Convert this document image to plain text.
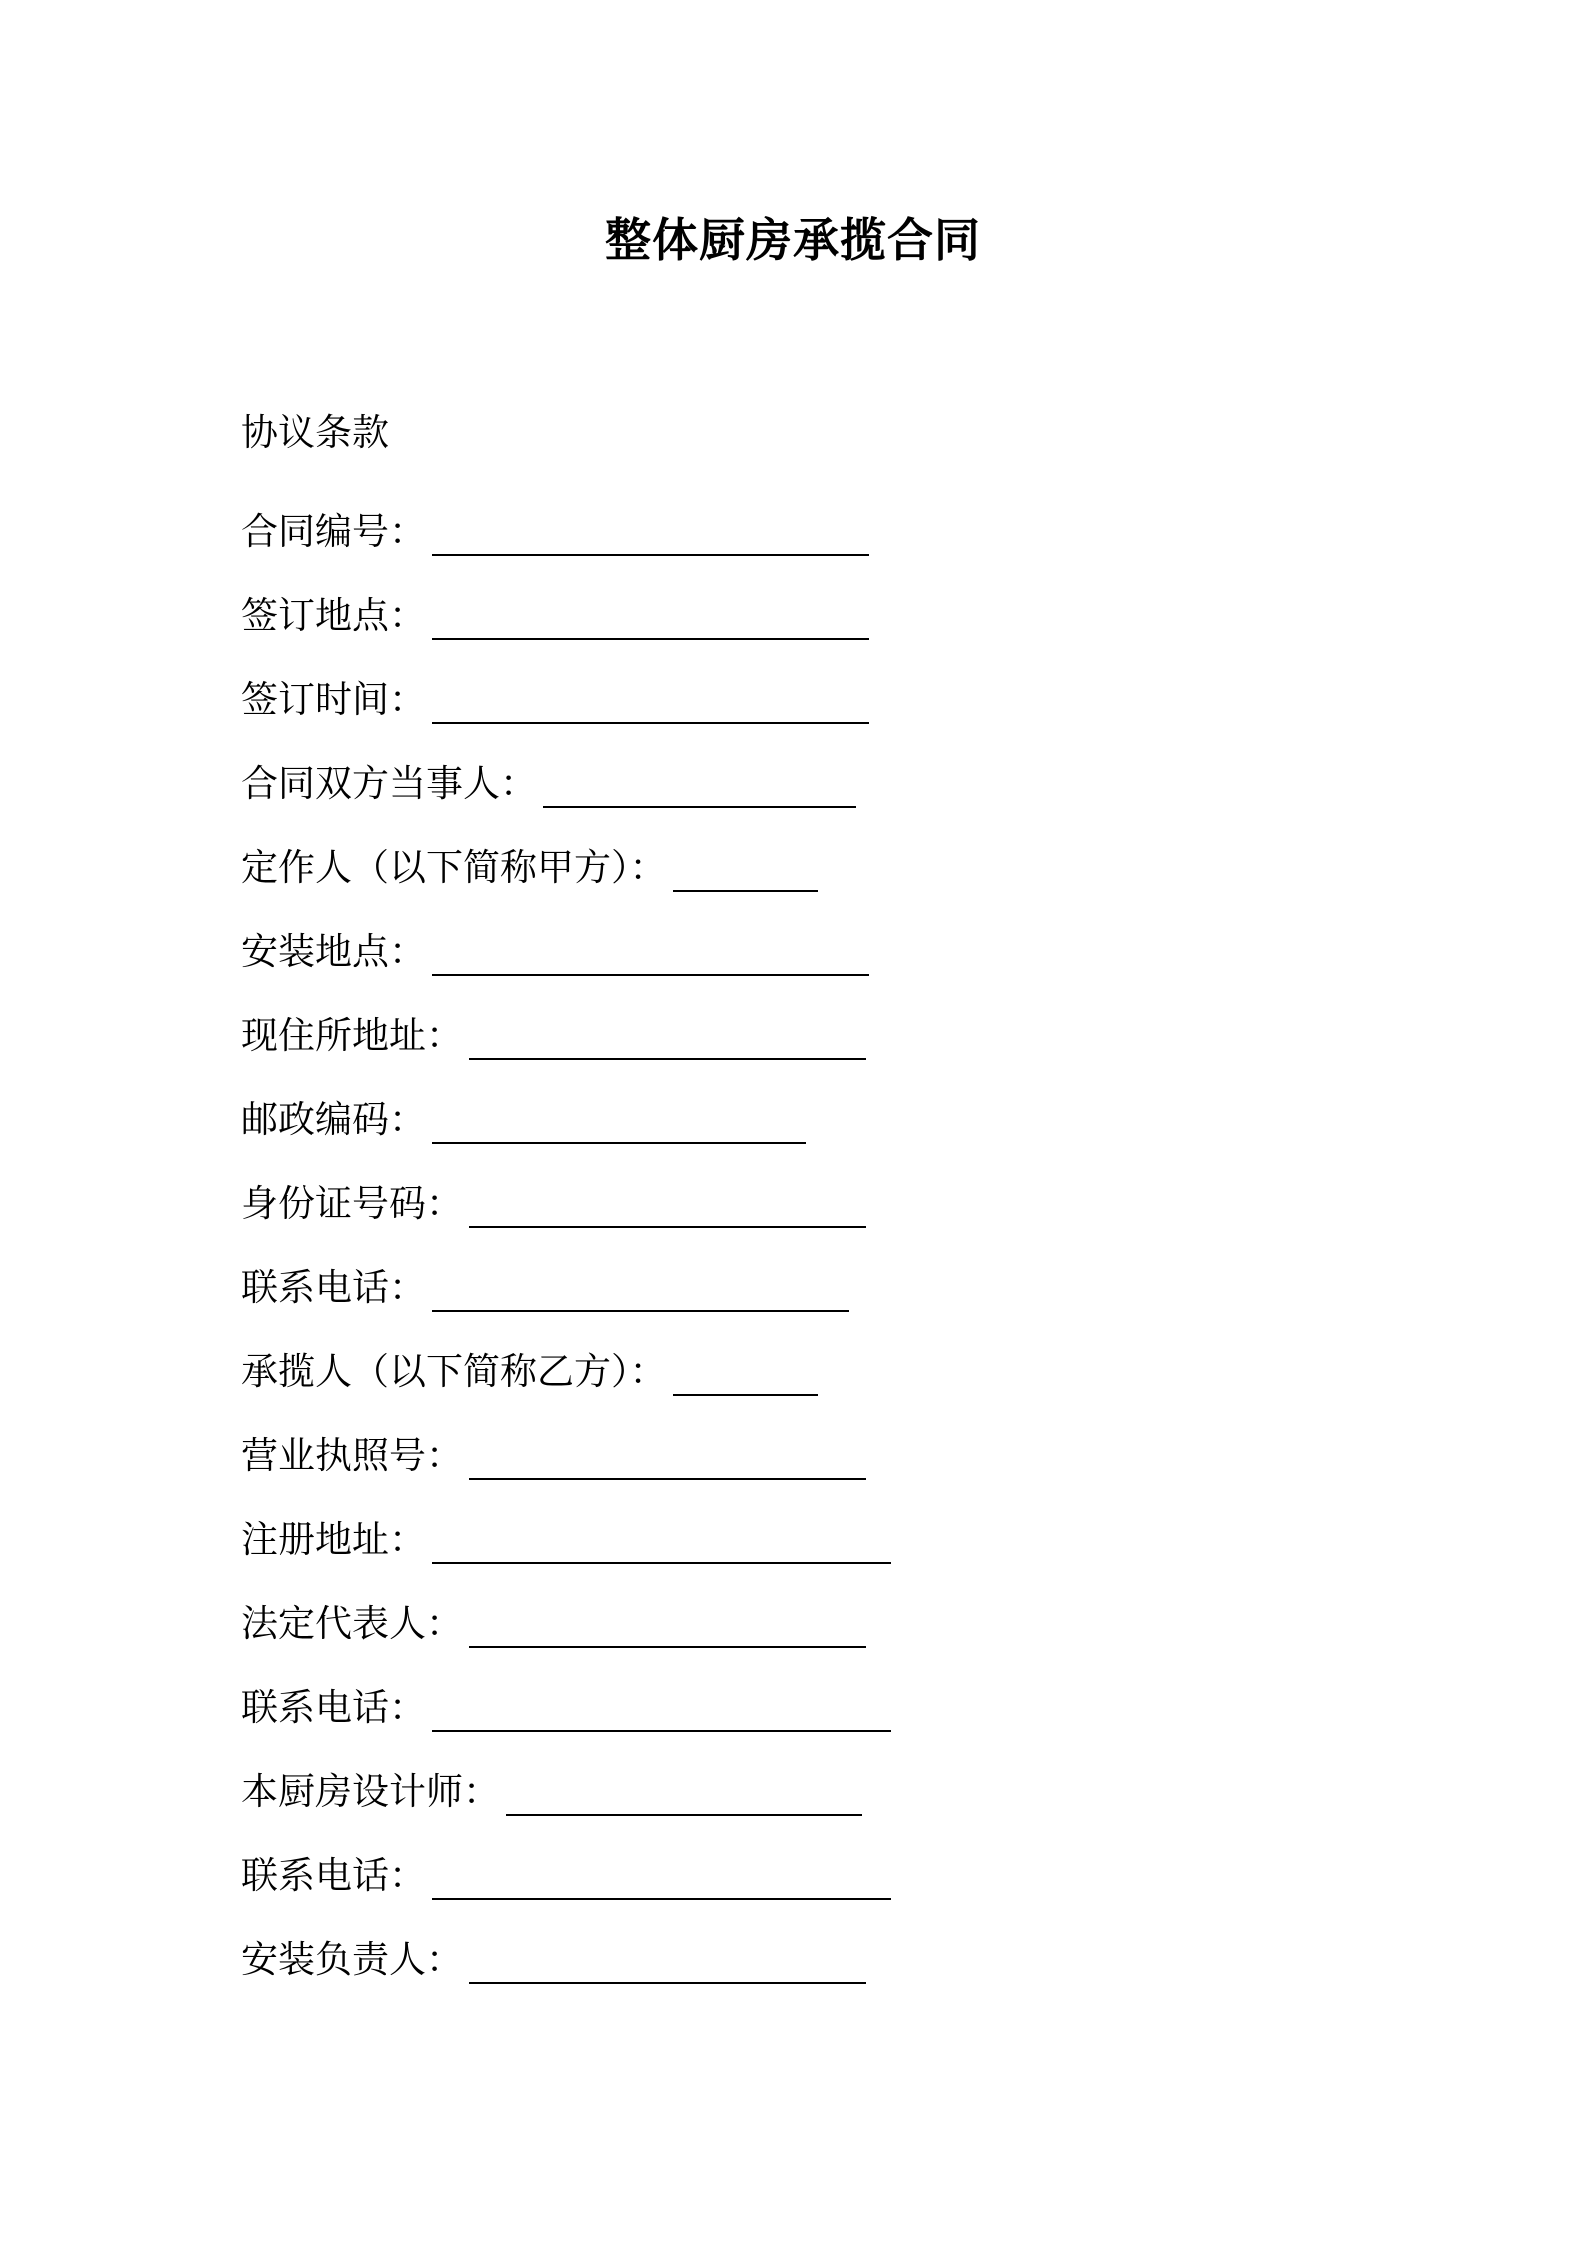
整体厨房承揽合同
协议条款
合同编号：
签订地点：
签订时间：
合同双方当事人：
定作人（以下简称甲方）：
安装地点：
现住所地址：
邮政编码：
身份证号码：
联系电话：
承揽人（以下简称乙方）：
营业执照号：
注册地址：
法定代表人：
联系电话：
本厨房设计师：
联系电话：
安装负责人：
